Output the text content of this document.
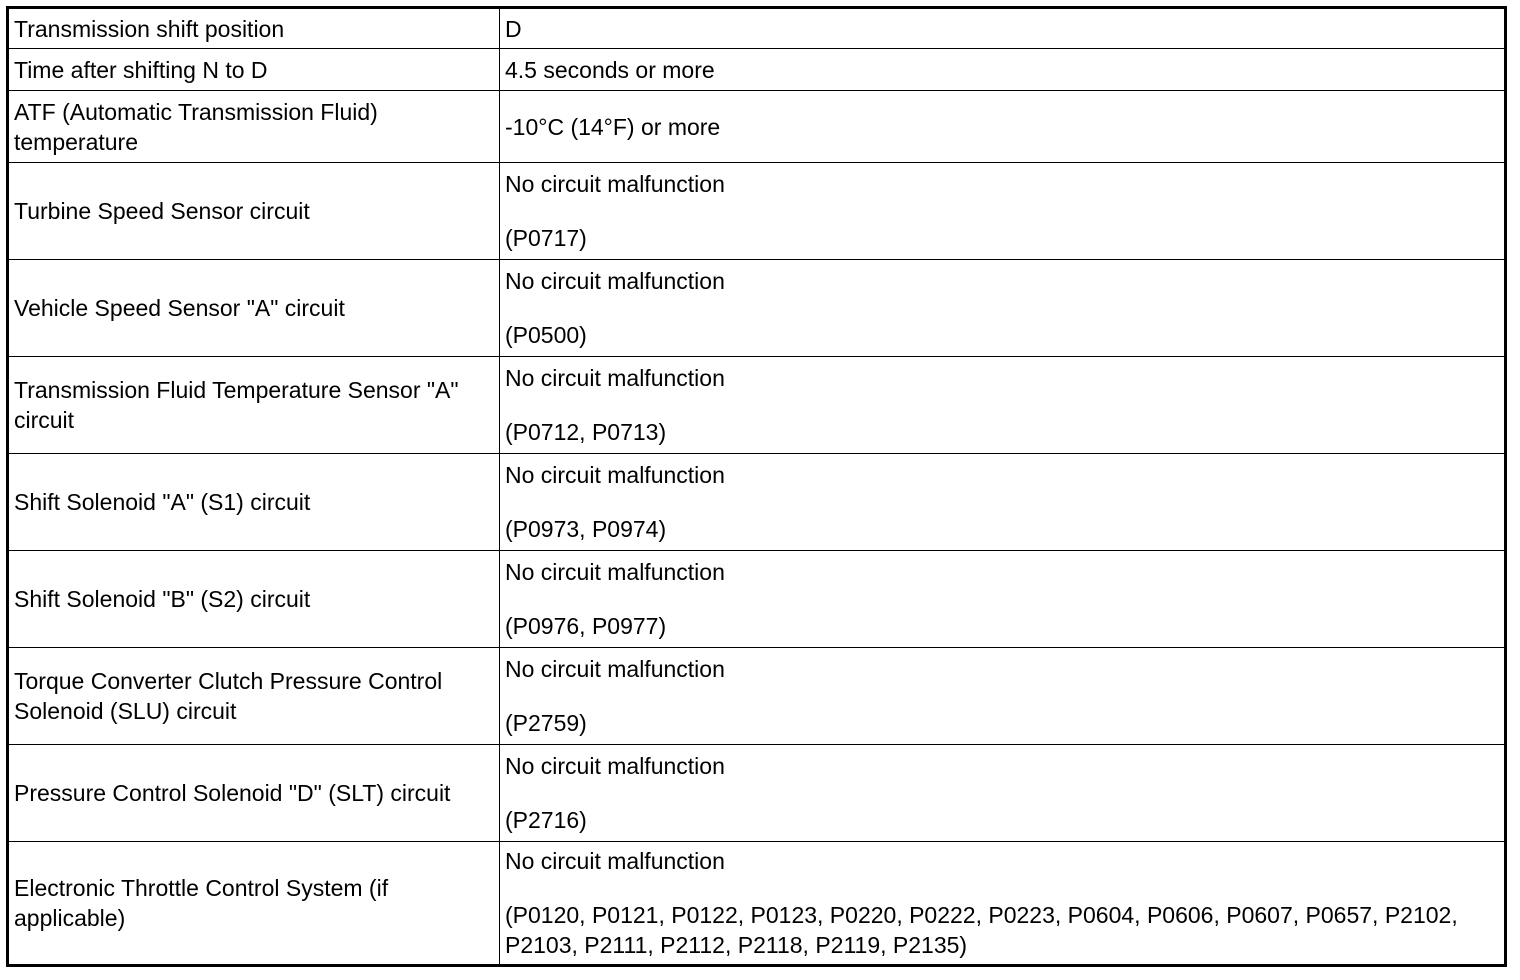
Transmission shift position	D
Time after shifting N to D	4.5 seconds or more
ATF (Automatic Transmission Fluid) temperature	-10°C (14°F) or more
Turbine Speed Sensor circuit	No circuit malfunction
(P0717)

Vehicle Speed Sensor "A" circuit	No circuit malfunction
(P0500)

Transmission Fluid Temperature Sensor "A" circuit	No circuit malfunction
(P0712, P0713)

Shift Solenoid "A" (S1) circuit	No circuit malfunction
(P0973, P0974)

Shift Solenoid "B" (S2) circuit	No circuit malfunction
(P0976, P0977)

Torque Converter Clutch Pressure Control Solenoid (SLU) circuit	No circuit malfunction
(P2759)

Pressure Control Solenoid "D" (SLT) circuit	No circuit malfunction
(P2716)

Electronic Throttle Control System (if applicable)	No circuit malfunction
(P0120, P0121, P0122, P0123, P0220, P0222, P0223, P0604, P0606, P0607, P0657, P2102, P2103, P2111, P2112, P2118, P2119, P2135)
